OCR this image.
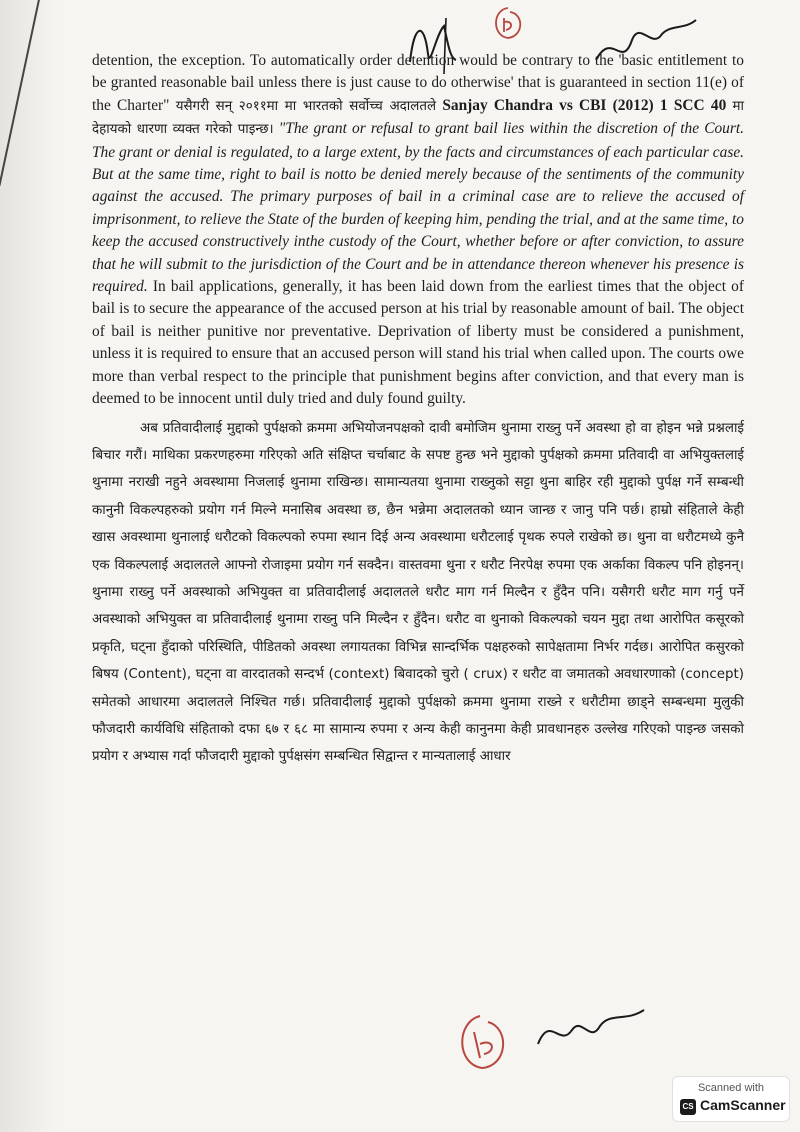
detention, the exception. To automatically order detention would be contrary to the 'basic entitlement to be granted reasonable bail unless there is just cause to do otherwise' that is guaranteed in section 11(e) of the Charter" यसैगरी सन् २०११मा मा भारतको सर्वोच्च अदालतले Sanjay Chandra vs CBI (2012) 1 SCC 40 मा देहायको धारणा व्यक्त गरेको पाइन्छ। "The grant or refusal to grant bail lies within the discretion of the Court. The grant or denial is regulated, to a large extent, by the facts and circumstances of each particular case. But at the same time, right to bail is notto be denied merely because of the sentiments of the community against the accused. The primary purposes of bail in a criminal case are to relieve the accused of imprisonment, to relieve the State of the burden of keeping him, pending the trial, and at the same time, to keep the accused constructively inthe custody of the Court, whether before or after conviction, to assure that he will submit to the jurisdiction of the Court and be in attendance thereon whenever his presence is required. In bail applications, generally, it has been laid down from the earliest times that the object of bail is to secure the appearance of the accused person at his trial by reasonable amount of bail. The object of bail is neither punitive nor preventative. Deprivation of liberty must be considered a punishment, unless it is required to ensure that an accused person will stand his trial when called upon. The courts owe more than verbal respect to the principle that punishment begins after conviction, and that every man is deemed to be innocent until duly tried and duly found guilty.

अब प्रतिवादीलाई मुद्दाको पुर्पक्षको क्रममा अभियोजनपक्षको दावी बमोजिम थुनामा राख्नु पर्ने अवस्था हो वा होइन भन्ने प्रश्नलाई बिचार गरौं। माथिका प्रकरणहरुमा गरिएको अति संक्षिप्त चर्चाबाट के सपष्ट हुन्छ भने मुद्दाको पुर्पक्षको क्रममा प्रतिवादी वा अभियुक्तलाई थुनामा नराखी नहुने अवस्थामा निजलाई थुनामा राखिन्छ। सामान्यतया थुनामा राख्नुको सट्टा थुना बाहिर रही मुद्दाको पुर्पक्ष गर्ने सम्बन्धी कानुनी विकल्पहरुको प्रयोग गर्न मिल्ने मनासिब अवस्था छ, छैन भन्नेमा अदालतको ध्यान जान्छ र जानु पनि पर्छ। हाम्रो संहिताले केही खास अवस्थामा थुनालाई धरौटको विकल्पको रुपमा स्थान दिई अन्य अवस्थामा धरौटलाई पृथक रुपले राखेको छ। थुना वा धरौटमध्ये कुनै एक विकल्पलाई अदालतले आफ्नो रोजाइमा प्रयोग गर्न सक्दैन। वास्तवमा थुना र धरौट निरपेक्ष रुपमा एक अर्काका विकल्प पनि होइनन्। थुनामा राख्नु पर्ने अवस्थाको अभियुक्त वा प्रतिवादीलाई अदालतले धरौट माग गर्न मिल्दैन र हुँदैन पनि। यसैगरी धरौट माग गर्नु पर्ने अवस्थाको अभियुक्त वा प्रतिवादीलाई थुनामा राख्नु पनि मिल्दैन र हुँदैन। धरौट वा थुनाको विकल्पको चयन मुद्दा तथा आरोपित कसूरको प्रकृति, घट्ना हुँदाको परिस्थिति, पीडितको अवस्था लगायतका विभिन्न सान्दर्भिक पक्षहरुको सापेक्षतामा निर्भर गर्दछ। आरोपित कसुरको बिषय (Content), घट्ना वा वारदातको सन्दर्भ (context) बिवादको चुरो ( crux) र धरौट वा जमातको अवधारणाको (concept) समेतको आधारमा अदालतले निश्चित गर्छ। प्रतिवादीलाई मुद्दाको पुर्पक्षको क्रममा थुनामा राख्ने र धरौटीमा छाड्ने सम्बन्धमा मुलुकी फौजदारी कार्यविधि संहिताको दफा ६७ र ६८ मा सामान्य रुपमा र अन्य केही कानुनमा केही प्रावधानहरु उल्लेख गरिएको पाइन्छ जसको प्रयोग र अभ्यास गर्दा फौजदारी मुद्दाको पुर्पक्षसंग सम्बन्धित सिद्वान्त र मान्यतालाई आधार

Scanned with
CS CamScanner
